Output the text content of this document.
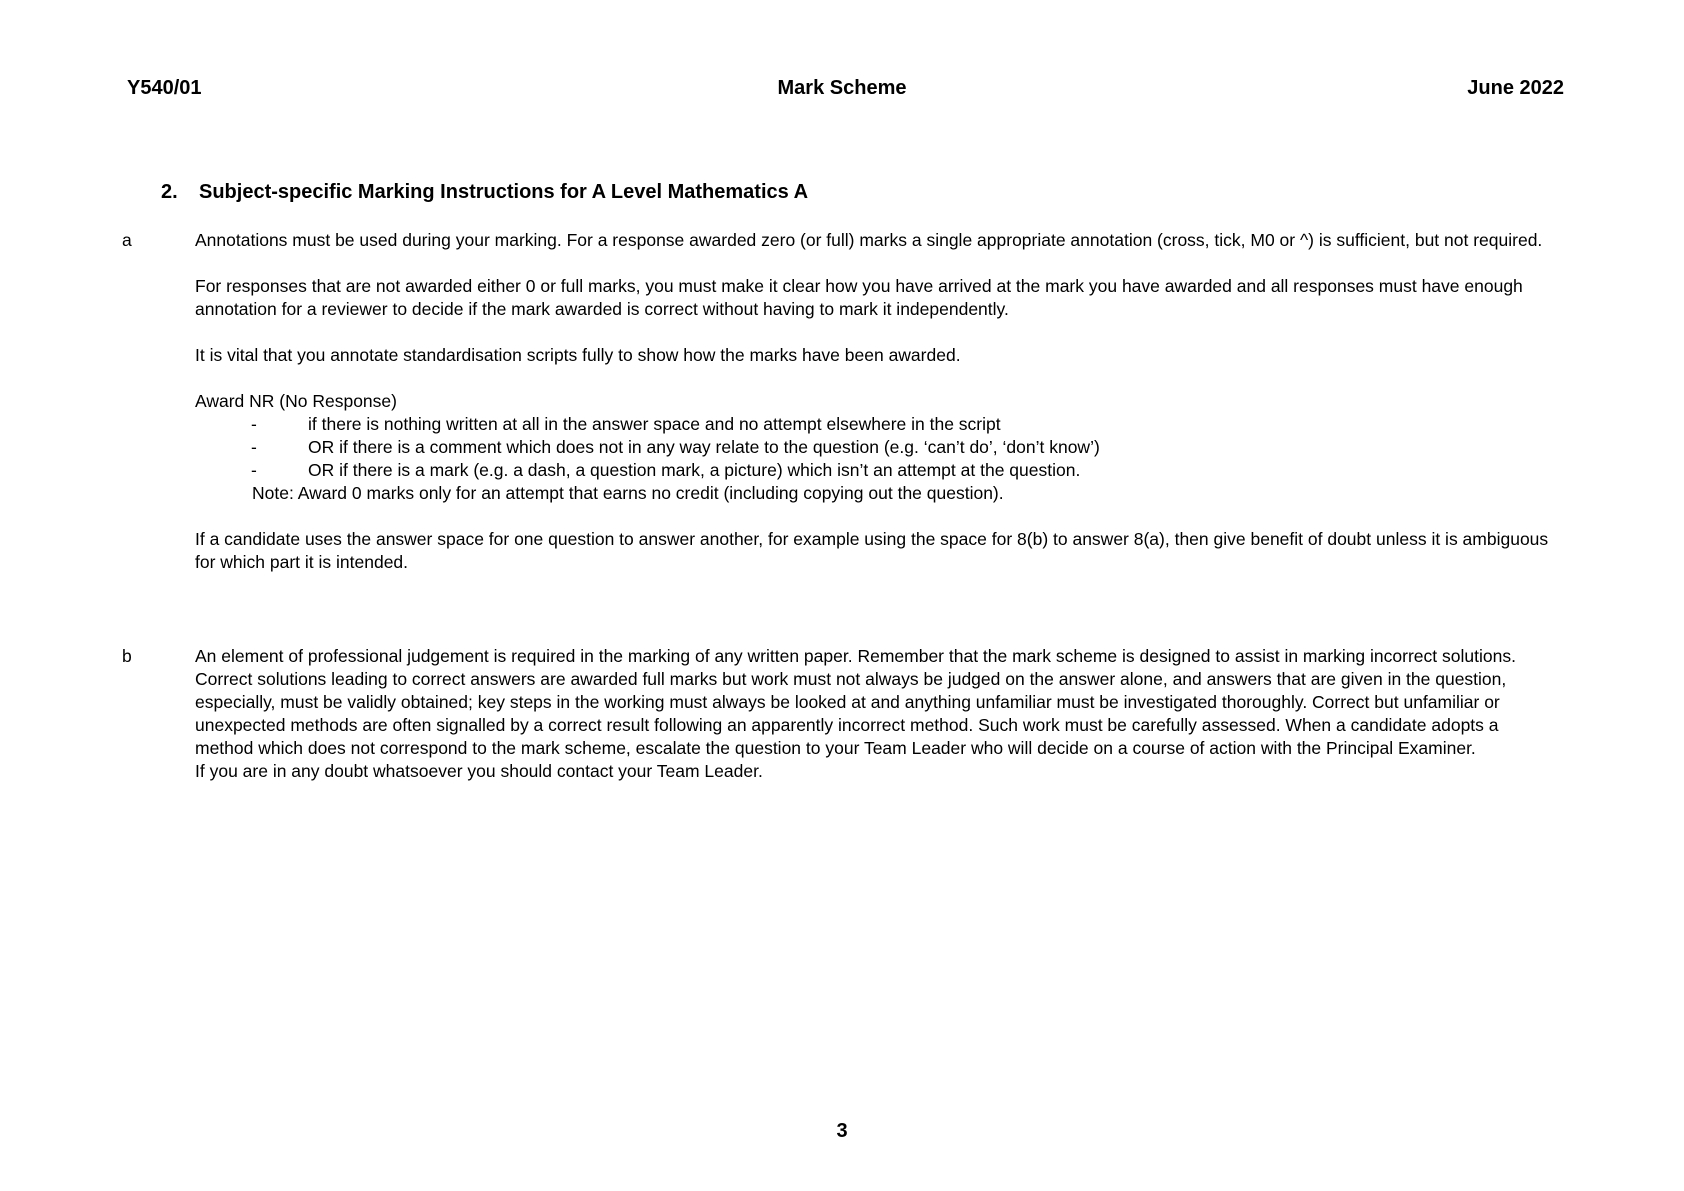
Y540/01	Mark Scheme	June 2022
2. Subject-specific Marking Instructions for A Level Mathematics A
a	Annotations must be used during your marking. For a response awarded zero (or full) marks a single appropriate annotation (cross, tick, M0 or ^) is sufficient, but not required.

For responses that are not awarded either 0 or full marks, you must make it clear how you have arrived at the mark you have awarded and all responses must have enough annotation for a reviewer to decide if the mark awarded is correct without having to mark it independently.

It is vital that you annotate standardisation scripts fully to show how the marks have been awarded.

Award NR (No Response)
-	if there is nothing written at all in the answer space and no attempt elsewhere in the script
-	OR if there is a comment which does not in any way relate to the question (e.g. ‘can’t do’, ‘don’t know’)
-	OR if there is a mark (e.g. a dash, a question mark, a picture) which isn’t an attempt at the question.
Note: Award 0 marks only for an attempt that earns no credit (including copying out the question).

If a candidate uses the answer space for one question to answer another, for example using the space for 8(b) to answer 8(a), then give benefit of doubt unless it is ambiguous for which part it is intended.

b	An element of professional judgement is required in the marking of any written paper. Remember that the mark scheme is designed to assist in marking incorrect solutions. Correct solutions leading to correct answers are awarded full marks but work must not always be judged on the answer alone, and answers that are given in the question, especially, must be validly obtained; key steps in the working must always be looked at and anything unfamiliar must be investigated thoroughly. Correct but unfamiliar or unexpected methods are often signalled by a correct result following an apparently incorrect method. Such work must be carefully assessed. When a candidate adopts a method which does not correspond to the mark scheme, escalate the question to your Team Leader who will decide on a course of action with the Principal Examiner.

If you are in any doubt whatsoever you should contact your Team Leader.

3
